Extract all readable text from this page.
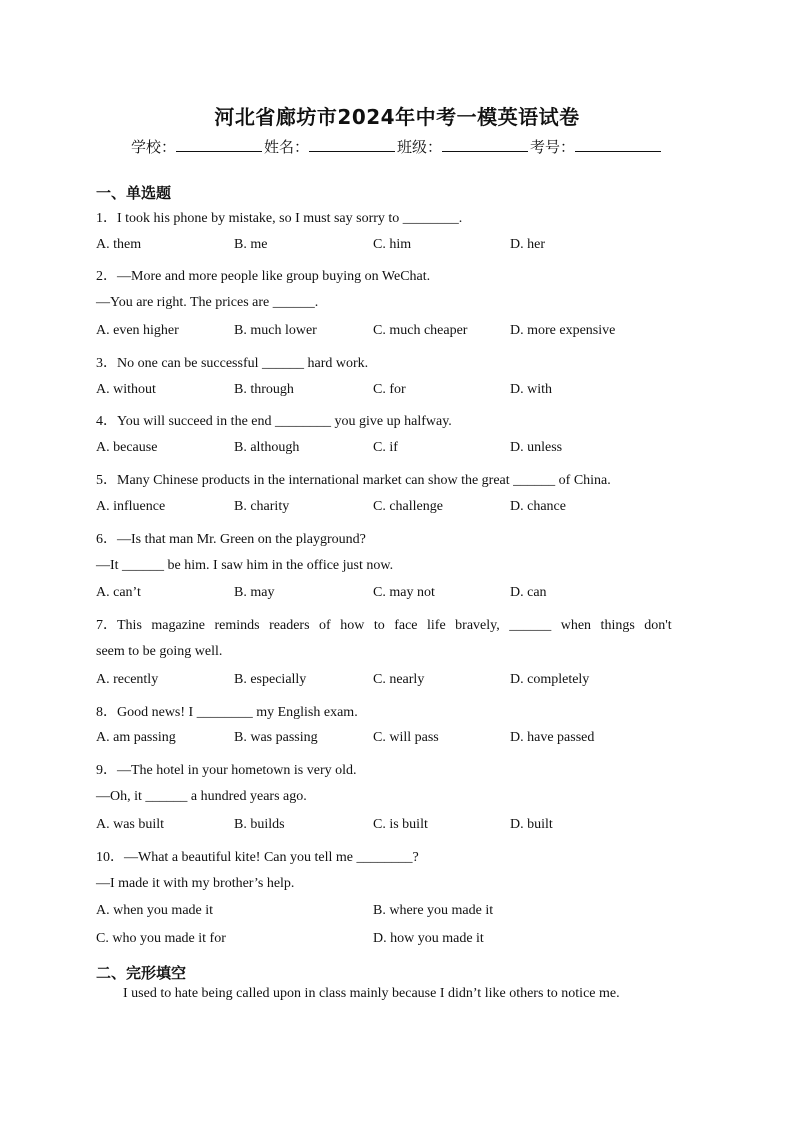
河北省廊坊市2024年中考一模英语试卷
学校：	姓名：	班级：	考号：
一、单选题
1．I took his phone by mistake, so I must say sorry to ________.
A. them	B. me	C. him	D. her
2．—More and more people like group buying on WeChat.
—You are right. The prices are ______.
A. even higher	B. much lower	C. much cheaper	D. more expensive
3．No one can be successful ______ hard work.
A. without	B. through	C. for	D. with
4．You will succeed in the end ________ you give up halfway.
A. because	B. although	C. if	D. unless
5．Many Chinese products in the international market can show the great ______ of China.
A. influence	B. charity	C. challenge	D. chance
6．—Is that man Mr. Green on the playground?
—It ______ be him. I saw him in the office just now.
A. can’t	B. may	C. may not	D. can
7．This magazine reminds readers of how to face life bravely, ______ when things don't
seem to be going well.
A. recently	B. especially	C. nearly	D. completely
8．Good news! I ________ my English exam.
A. am passing	B. was passing	C. will pass	D. have passed
9．—The hotel in your hometown is very old.
—Oh, it ______ a hundred years ago.
A. was built	B. builds	C. is built	D. built
10．—What a beautiful kite! Can you tell me ________?
—I made it with my brother’s help.
A. when you made it	B. where you made it
C. who you made it for	D. how you made it
二、完形填空
I used to hate being called upon in class mainly because I didn’t like others to notice me.
